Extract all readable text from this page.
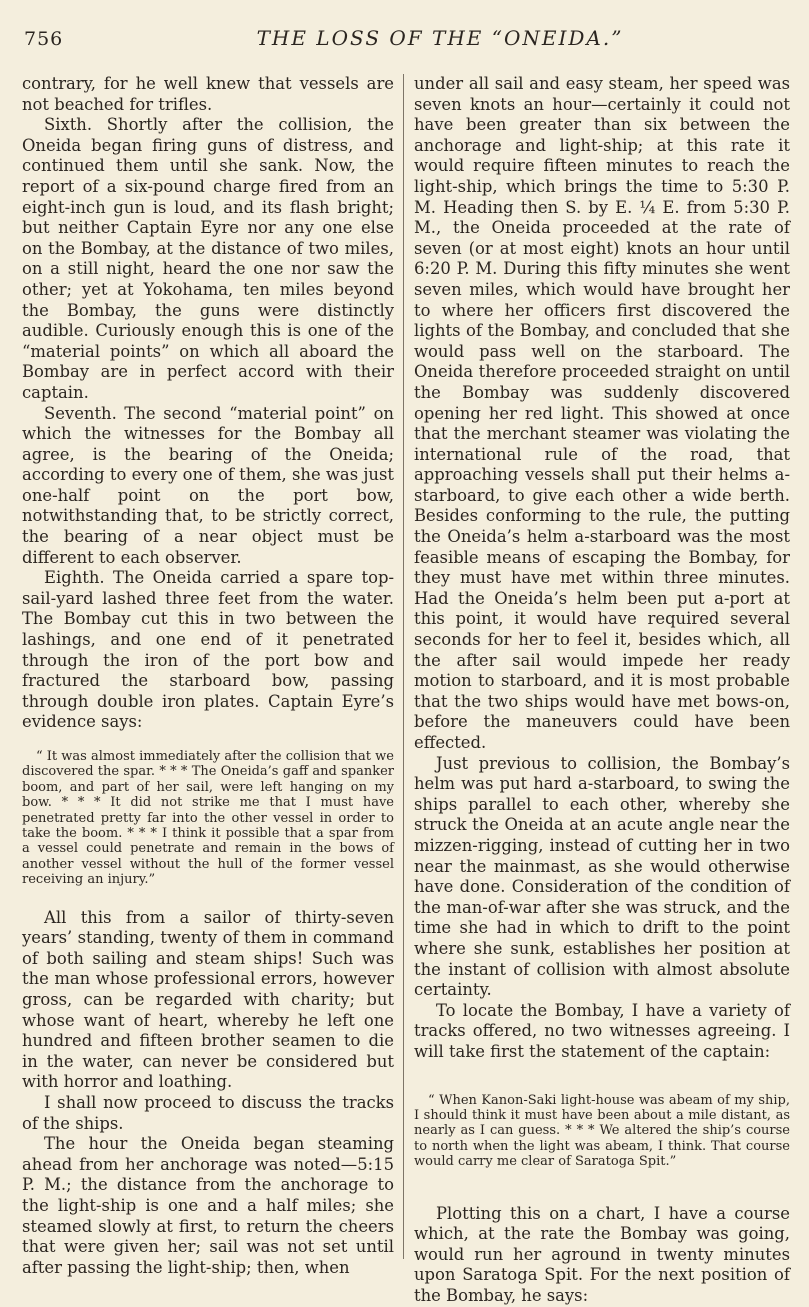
756	THE LOSS OF THE “ONEIDA.”

contrary, for he well knew that vessels are not beached for trifles.

Sixth. Shortly after the collision, the Oneida began firing guns of distress, and continued them until she sank. Now, the report of a six-pound charge fired from an eight-inch gun is loud, and its flash bright; but neither Captain Eyre nor any one else on the Bombay, at the distance of two miles, on a still night, heard the one nor saw the other; yet at Yokohama, ten miles beyond the Bombay, the guns were distinctly audible. Curiously enough this is one of the “material points” on which all aboard the Bombay are in perfect accord with their captain.

Seventh. The second “material point” on which the witnesses for the Bombay all agree, is the bearing of the Oneida; according to every one of them, she was just one-half point on the port bow, notwithstanding that, to be strictly correct, the bearing of a near object must be different to each observer.

Eighth. The Oneida carried a spare top-sail-yard lashed three feet from the water. The Bombay cut this in two between the lashings, and one end of it penetrated through the iron of the port bow and fractured the starboard bow, passing through double iron plates. Captain Eyre’s evidence says:

“ It was almost immediately after the collision that we discovered the spar. * * * The Oneida’s gaff and spanker boom, and part of her sail, were left hanging on my bow. * * * It did not strike me that I must have penetrated pretty far into the other vessel in order to take the boom. * * * I think it possible that a spar from a vessel could penetrate and remain in the bows of another vessel without the hull of the former vessel receiving an injury.”

All this from a sailor of thirty-seven years’ standing, twenty of them in command of both sailing and steam ships! Such was the man whose professional errors, however gross, can be regarded with charity; but whose want of heart, whereby he left one hundred and fifteen brother seamen to die in the water, can never be considered but with horror and loathing.

I shall now proceed to discuss the tracks of the ships.

The hour the Oneida began steaming ahead from her anchorage was noted—5:15 P. M.; the distance from the anchorage to the light-ship is one and a half miles; she steamed slowly at first, to return the cheers that were given her; sail was not set until after passing the light-ship; then, when

under all sail and easy steam, her speed was seven knots an hour—certainly it could not have been greater than six between the anchorage and light-ship; at this rate it would require fifteen minutes to reach the light-ship, which brings the time to 5:30 P. M. Heading then S. by E. ¼ E. from 5:30 P. M., the Oneida proceeded at the rate of seven (or at most eight) knots an hour until 6:20 P. M. During this fifty minutes she went seven miles, which would have brought her to where her officers first discovered the lights of the Bombay, and concluded that she would pass well on the starboard. The Oneida therefore proceeded straight on until the Bombay was suddenly discovered opening her red light. This showed at once that the merchant steamer was violating the international rule of the road, that approaching vessels shall put their helms a-starboard, to give each other a wide berth. Besides conforming to the rule, the putting the Oneida’s helm a-starboard was the most feasible means of escaping the Bombay, for they must have met within three minutes. Had the Oneida’s helm been put a-port at this point, it would have required several seconds for her to feel it, besides which, all the after sail would impede her ready motion to starboard, and it is most probable that the two ships would have met bows-on, before the maneuvers could have been effected.

Just previous to collision, the Bombay’s helm was put hard a-starboard, to swing the ships parallel to each other, whereby she struck the Oneida at an acute angle near the mizzen-rigging, instead of cutting her in two near the mainmast, as she would otherwise have done. Consideration of the condition of the man-of-war after she was struck, and the time she had in which to drift to the point where she sunk, establishes her position at the instant of collision with almost absolute certainty.

To locate the Bombay, I have a variety of tracks offered, no two witnesses agreeing. I will take first the statement of the captain:

“ When Kanon-Saki light-house was abeam of my ship, I should think it must have been about a mile distant, as nearly as I can guess. * * * We altered the ship’s course to north when the light was abeam, I think. That course would carry me clear of Saratoga Spit.”

Plotting this on a chart, I have a course which, at the rate the Bombay was going, would run her aground in twenty minutes upon Saratoga Spit. For the next position of the Bombay, he says:
